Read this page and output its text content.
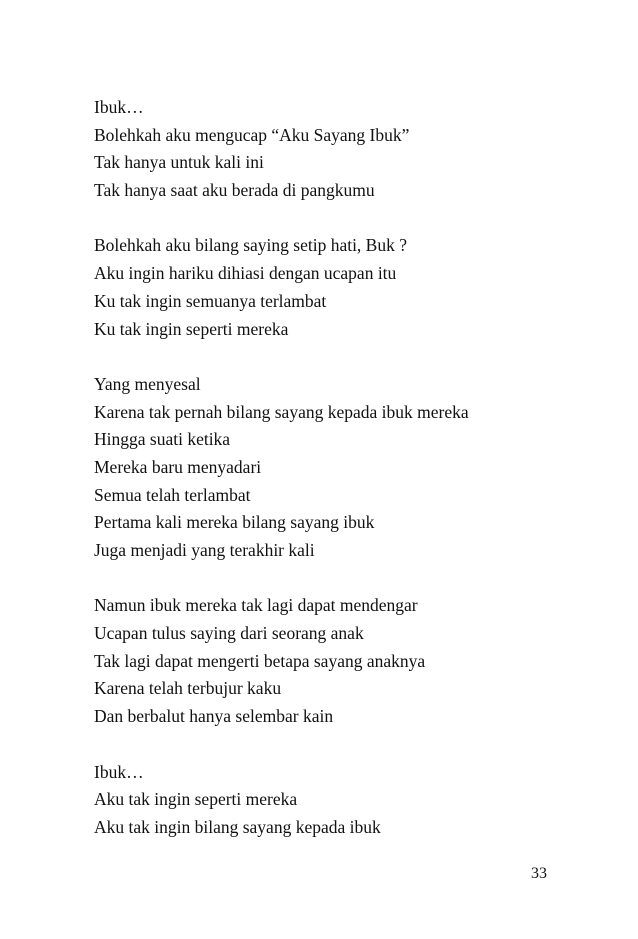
Ibuk…
Bolehkah aku mengucap “Aku Sayang Ibuk”
Tak hanya untuk kali ini
Tak hanya saat aku berada di pangkumu
Bolehkah aku bilang saying setip hati, Buk ?
Aku ingin hariku dihiasi dengan ucapan itu
Ku tak ingin semuanya terlambat
Ku tak ingin seperti mereka
Yang menyesal
Karena tak pernah bilang sayang kepada ibuk mereka
Hingga suati ketika
Mereka baru menyadari
Semua telah terlambat
Pertama kali mereka bilang sayang ibuk
Juga menjadi yang terakhir kali
Namun ibuk mereka tak lagi dapat mendengar
Ucapan tulus saying dari seorang anak
Tak lagi dapat mengerti betapa sayang anaknya
Karena telah terbujur kaku
Dan berbalut hanya selembar kain
Ibuk…
Aku tak ingin seperti mereka
Aku tak ingin bilang sayang kepada ibuk
33
